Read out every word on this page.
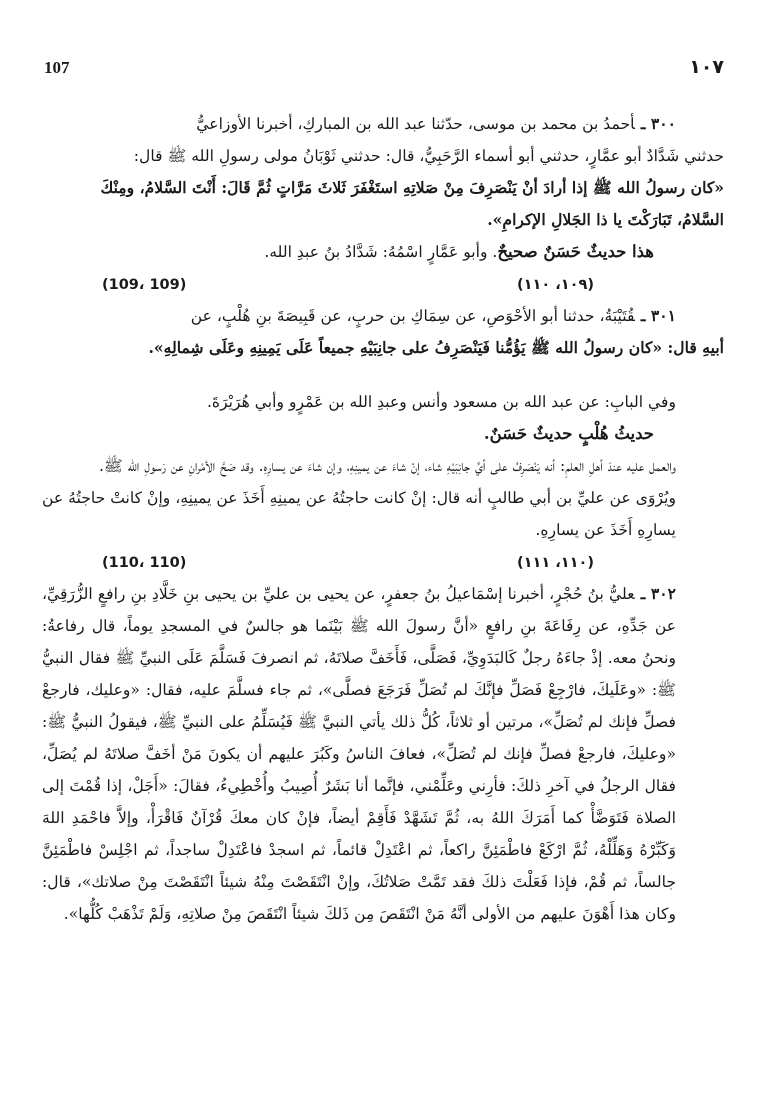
107	١٠٧

٣٠٠ ـأحمدُ بن محمد بن موسى، حدّثنا عبد الله بن المباركِ، أخبرنا الأوزاعيُّ

حدثني شَدَّادٌ أبو عمَّارٍ، حدثني أبو أسماء الرَّحَبِيُّ، قال: حدثني ثَوْبَانُ مولى رسولِ الله ﷺ قال:

«كان رسولُ الله ﷺ إذا أرادَ أنْ يَنْصَرِفَ مِنْ صَلاتِهِ استَغْفَرَ ثَلاثَ مَرَّاتٍ ثُمَّ قَالَ: أَنْتَ السَّلامُ، ومِنْكَ

السَّلامُ، تَبَارَكْتَ يا ذا الجَلالِ الإكرامِ».

هذا حديثٌ حَسَنٌ صحيحٌ. وأبو عَمَّارٍ اسْمُهُ: شَدَّادُ بنُ عبدِ الله.

(109، 109)	(١٠٩، ١١٠)

٣٠١ ـقُتَيْبَةُ، حدثنا أبو الأحْوَصِ، عن سِمَاكِ بن حربٍ، عن قَبِيصَةَ بنِ هُلْبٍ، عن

أبيهِ قال: «كان رسولُ الله ﷺ يَؤُمُّنا فَيَنْصَرِفُ على جانِبَيْهِ جميعاً عَلَى يَمِينِهِ وعَلَى شِمالِهِ».

وفي البابِ: عن عبد الله بن مسعود وأنس وعبدِ الله بن عَمْرٍو وأبي هُرَيْرَةَ.

حديثُ هُلْبٍ حديثٌ حَسَنٌ.

والعمل عليه عندَ أهلِ العلمِ: أنه يَنْصَرِفُ على أيِّ جانِبَيْهِ شاء، إنْ شاءَ عن يمينِهِ، وإن شاءَ عن يسارِهِ. وقد صَحَّ الأمْرانِ عن رَسولِ الله ﷺ.

ويُرْوَى عن عليِّ بن أبي طالبٍ أنه قال: إنْ كانت حاجتُهُ عن يمينِهِ أَخَذَ عن يمينِهِ، وإنْ كانتْ حاجتُهُ عن يسارِهِ أَخَذَ عن يسارِهِ.

(110، 110)	(١١٠، ١١١)

٣٠٢ ـعليُّ بنُ حُجْرٍ، أخبرنا إسْمَاعيلُ بنُ جعفرٍ، عن يحيى بن عليِّ بن يحيى بنِ خَلَّادِ بنِ رافعٍ الزُّرَقِيِّ، عن جَدِّهِ، عن رِفَاعَةَ بنِ رافعٍ «أنَّ رسولَ الله ﷺ بَيْنَما هو جالسٌ في المسجدِ يوماً، قال رفاعةُ: ونحنُ معه. إذْ جاءَهُ رجلٌ كَالبَدَوِيِّ، فَصَلَّى، فَأَخَفَّ صلاتَهُ، ثم انصرفَ فَسَلَّمَ عَلَى النبيِّ ﷺ فقال النبيُّ ﷺ: «وعَلَيكَ، فارْجِعْ فَصَلِّ فإنَّكَ لم تُصَلِّ فَرَجَعَ فصلَّى»، ثم جاء فسلَّمَ عليه، فقال: «وعليك، فارجعْ فصلِّ فإنك لم تُصَلِّ»، مرتين أو ثلاثاً، كُلُّ ذلك يأتي النبيَّ ﷺ فَيُسَلِّمُ على النبيِّ ﷺ، فيقولُ النبيُّ ﷺ: «وعليكَ، فارجعْ فصلِّ فإنك لم تُصَلِّ»، فعافَ الناسُ وكَبُرَ عليهم أن يكونَ مَنْ أخَفَّ صلاتَهُ لم يُصَلِّ، فقال الرجلُ في آخرِ ذلكَ: فأرِني وعَلِّمْني، فإنَّما أنا بَشَرٌ أُصِيبُ وأُخْطِيءُ، فقالَ: «أَجَلْ، إذا قُمْتَ إلى الصلاة فَتَوَضَّأْ كما أَمَرَكَ اللهُ به، ثُمَّ تَشَهَّدْ فَأَقِمْ أيضاً، فإنْ كان معكَ قُرْآنٌ فَاقْرَأْ، وإلاَّ فاحْمَدِ اللهَ وَكَبِّرْهُ وَهَلِّلْهُ، ثُمَّ ارْكَعْ فاطْمَئِنَّ راكعاً، ثم اعْتَدِلْ قائماً، ثم اسجدْ فاعْتَدِلْ ساجداً، ثم اجْلِسْ فاطْمَئِنَّ جالساً، ثم قُمْ، فإذا فَعَلْتَ ذلكَ فقد تَمَّتْ صَلاتُكَ، وإنْ انْتَقَصْتَ مِنْهُ شيئاً انْتَقَصْتَ مِنْ صلاتك»، قال: وكان هذا أَهْوَنَ عليهم من الأولى أنَّهُ مَنْ انْتَقَصَ مِن ذَلكَ شيئاً انْتَقَصَ مِنْ صلاتِهِ، وَلَمْ تَذْهَبْ كُلُّها».
